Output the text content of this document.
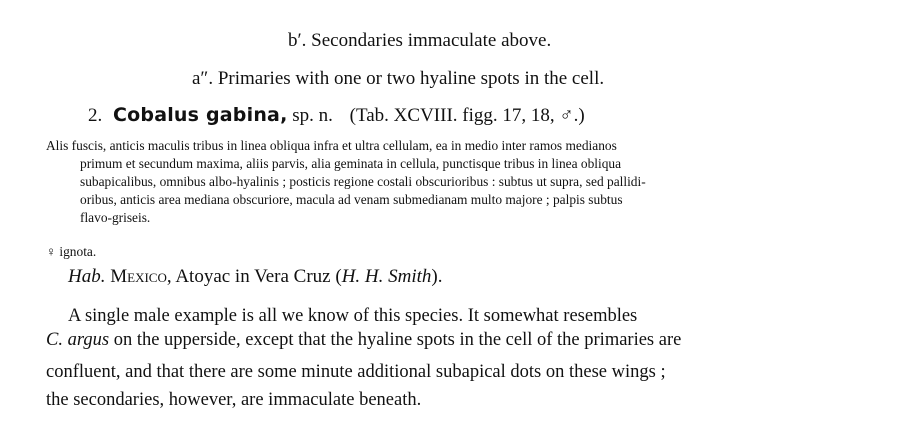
b′. Secondaries immaculate above.
a″. Primaries with one or two hyaline spots in the cell.
2. Cobalus gabina, sp. n. (Tab. XCVIII. figg. 17, 18, ♂.)
Alis fuscis, anticis maculis tribus in linea obliqua infra et ultra cellulam, ea in medio inter ramos medianos
primum et secundum maxima, aliis parvis, alia geminata in cellula, punctisque tribus in linea obliqua
subapicalibus, omnibus albo-hyalinis ; posticis regione costali obscurioribus : subtus ut supra, sed pallidi-
oribus, anticis area mediana obscuriore, macula ad venam submedianam multo majore ; palpis subtus
flavo-griseis.
♀ ignota.
Hab. Mexico, Atoyac in Vera Cruz (H. H. Smith).
A single male example is all we know of this species. It somewhat resembles
C. argus on the upperside, except that the hyaline spots in the cell of the primaries are
confluent, and that there are some minute additional subapical dots on these wings ;
the secondaries, however, are immaculate beneath.
